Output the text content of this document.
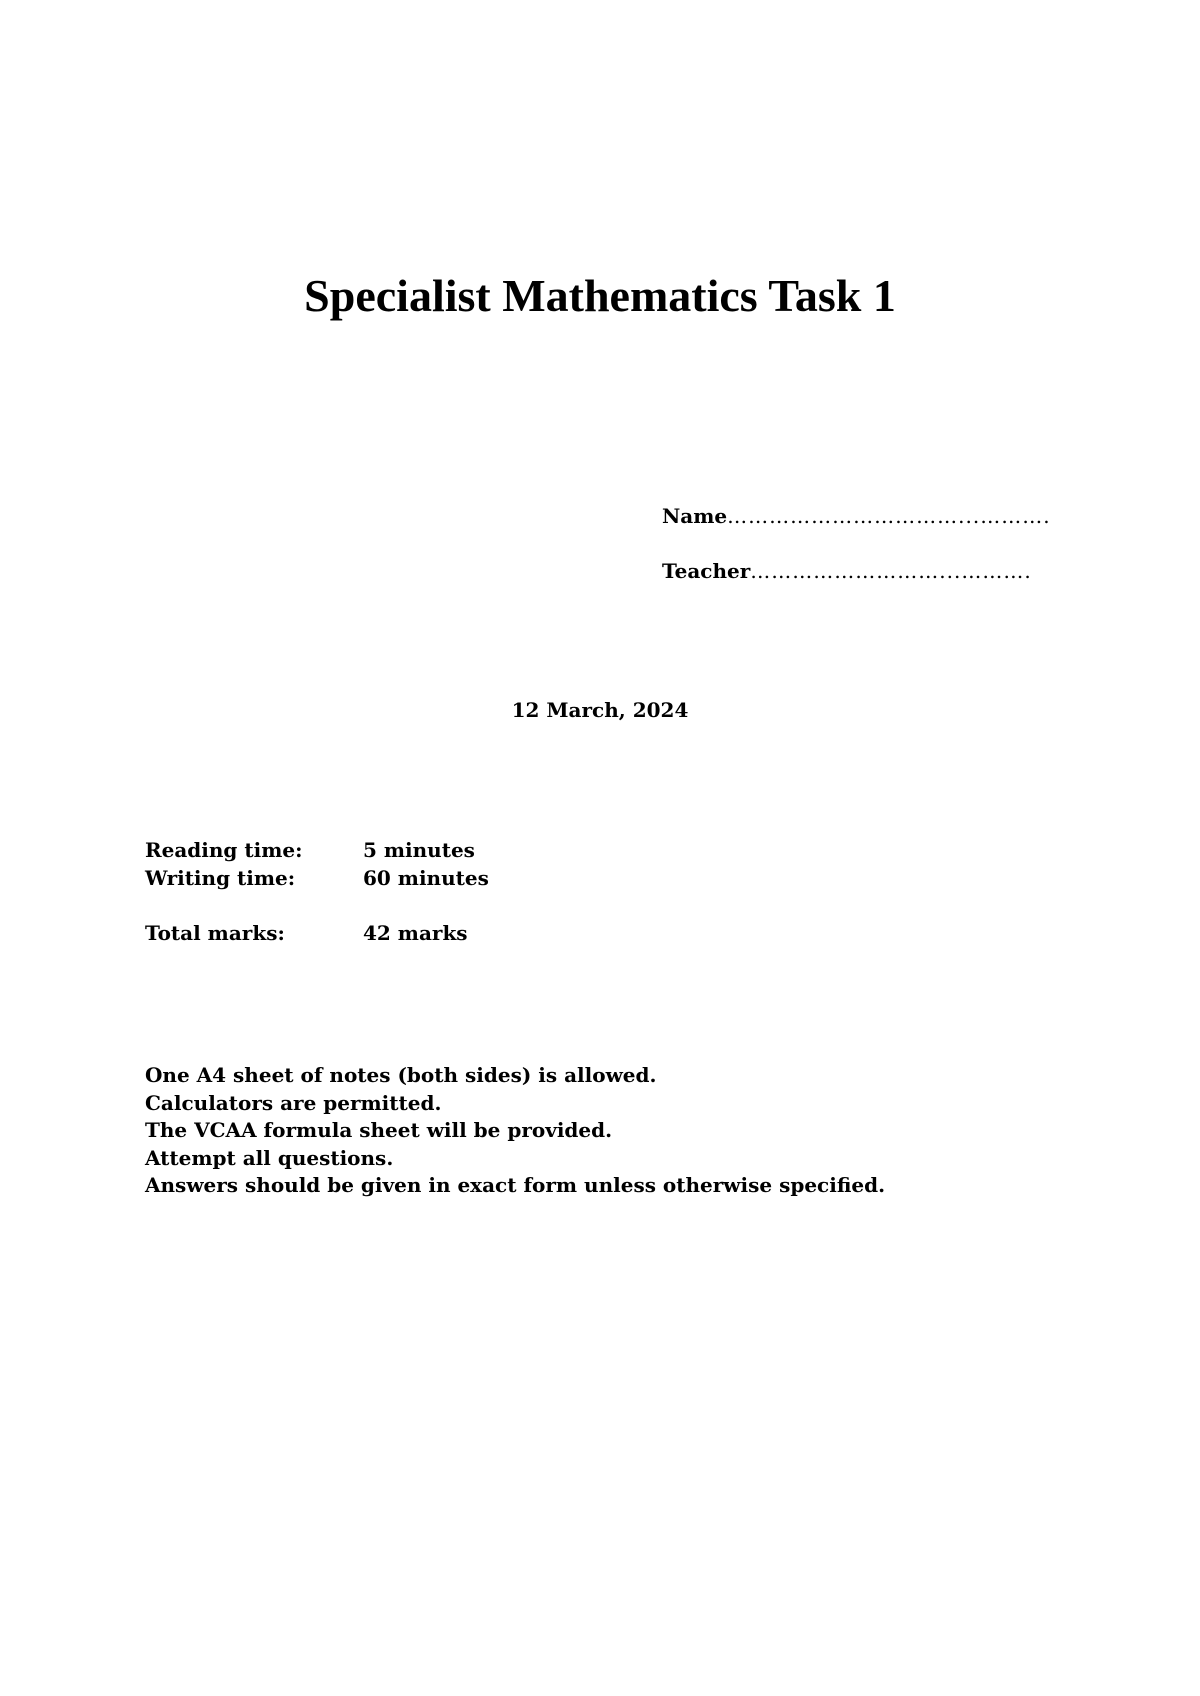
Specialist Mathematics Task 1
Name……………………………...……….
Teacher………………………...……….
12 March, 2024
Reading time:	5 minutes
Writing time:	60 minutes
Total marks:	42 marks
One A4 sheet of notes (both sides) is allowed.
Calculators are permitted.
The VCAA formula sheet will be provided.
Attempt all questions.
Answers should be given in exact form unless otherwise specified.
